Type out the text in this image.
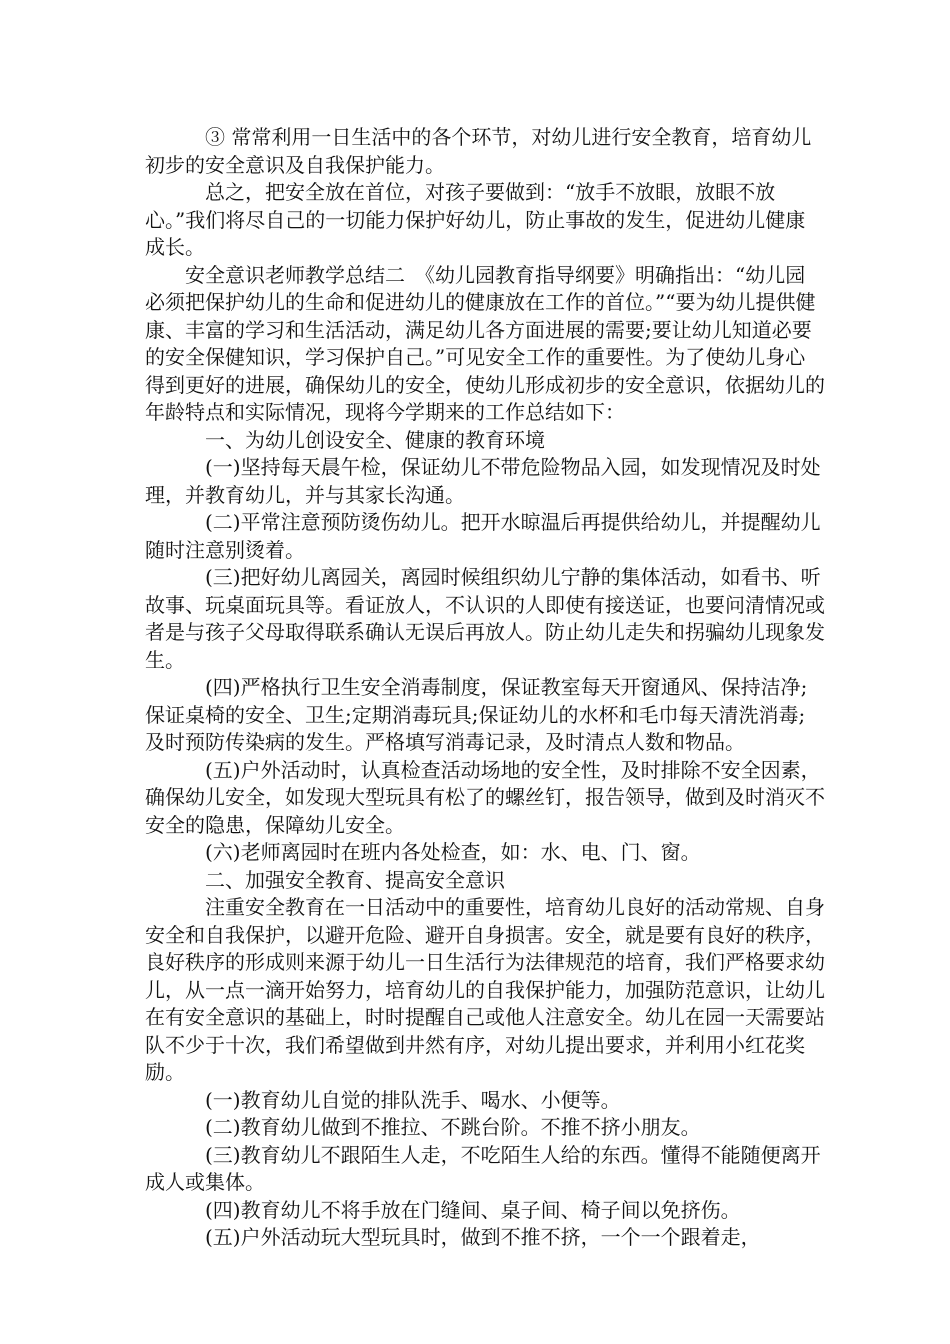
　　　③ 常常利用一日生活中的各个环节，对幼儿进行安全教育，培育幼儿初步的安全意识及自我保护能力。

　　　总之，把安全放在首位，对孩子要做到：“放手不放眼，放眼不放心。”我们将尽自己的一切能力保护好幼儿，防止事故的发生，促进幼儿健康成长。

　　安全意识老师教学总结二　《幼儿园教育指导纲要》明确指出：“幼儿园必须把保护幼儿的生命和促进幼儿的健康放在工作的首位。”“要为幼儿提供健康、丰富的学习和生活活动，满足幼儿各方面进展的需要;要让幼儿知道必要的安全保健知识，学习保护自己。”可见安全工作的重要性。为了使幼儿身心得到更好的进展，确保幼儿的安全，使幼儿形成初步的安全意识，依据幼儿的年龄特点和实际情况，现将今学期来的工作总结如下：

　　　一、为幼儿创设安全、健康的教育环境

　　　(一)坚持每天晨午检，保证幼儿不带危险物品入园，如发现情况及时处理，并教育幼儿，并与其家长沟通。

　　　(二)平常注意预防烫伤幼儿。把开水晾温后再提供给幼儿，并提醒幼儿随时注意别烫着。

　　　(三)把好幼儿离园关，离园时候组织幼儿宁静的集体活动，如看书、听故事、玩桌面玩具等。看证放人，不认识的人即使有接送证，也要问清情况或者是与孩子父母取得联系确认无误后再放人。防止幼儿走失和拐骗幼儿现象发生。

　　　(四)严格执行卫生安全消毒制度，保证教室每天开窗通风、保持洁净;保证桌椅的安全、卫生;定期消毒玩具;保证幼儿的水杯和毛巾每天清洗消毒;及时预防传染病的发生。严格填写消毒记录，及时清点人数和物品。

　　　(五)户外活动时，认真检查活动场地的安全性，及时排除不安全因素，确保幼儿安全，如发现大型玩具有松了的螺丝钉，报告领导，做到及时消灭不安全的隐患，保障幼儿安全。

　　　(六)老师离园时在班内各处检查，如：水、电、门、窗。

　　　二、加强安全教育、提高安全意识

　　　注重安全教育在一日活动中的重要性，培育幼儿良好的活动常规、自身安全和自我保护，以避开危险、避开自身损害。安全，就是要有良好的秩序，良好秩序的形成则来源于幼儿一日生活行为法律规范的培育，我们严格要求幼儿，从一点一滴开始努力，培育幼儿的自我保护能力，加强防范意识，让幼儿在有安全意识的基础上，时时提醒自己或他人注意安全。幼儿在园一天需要站队不少于十次，我们希望做到井然有序，对幼儿提出要求，并利用小红花奖励。

　　　(一)教育幼儿自觉的排队洗手、喝水、小便等。

　　　(二)教育幼儿做到不推拉、不跳台阶。不推不挤小朋友。

　　　(三)教育幼儿不跟陌生人走，不吃陌生人给的东西。懂得不能随便离开成人或集体。

　　　(四)教育幼儿不将手放在门缝间、桌子间、椅子间以免挤伤。

　　　(五)户外活动玩大型玩具时，做到不推不挤，一个一个跟着走，
